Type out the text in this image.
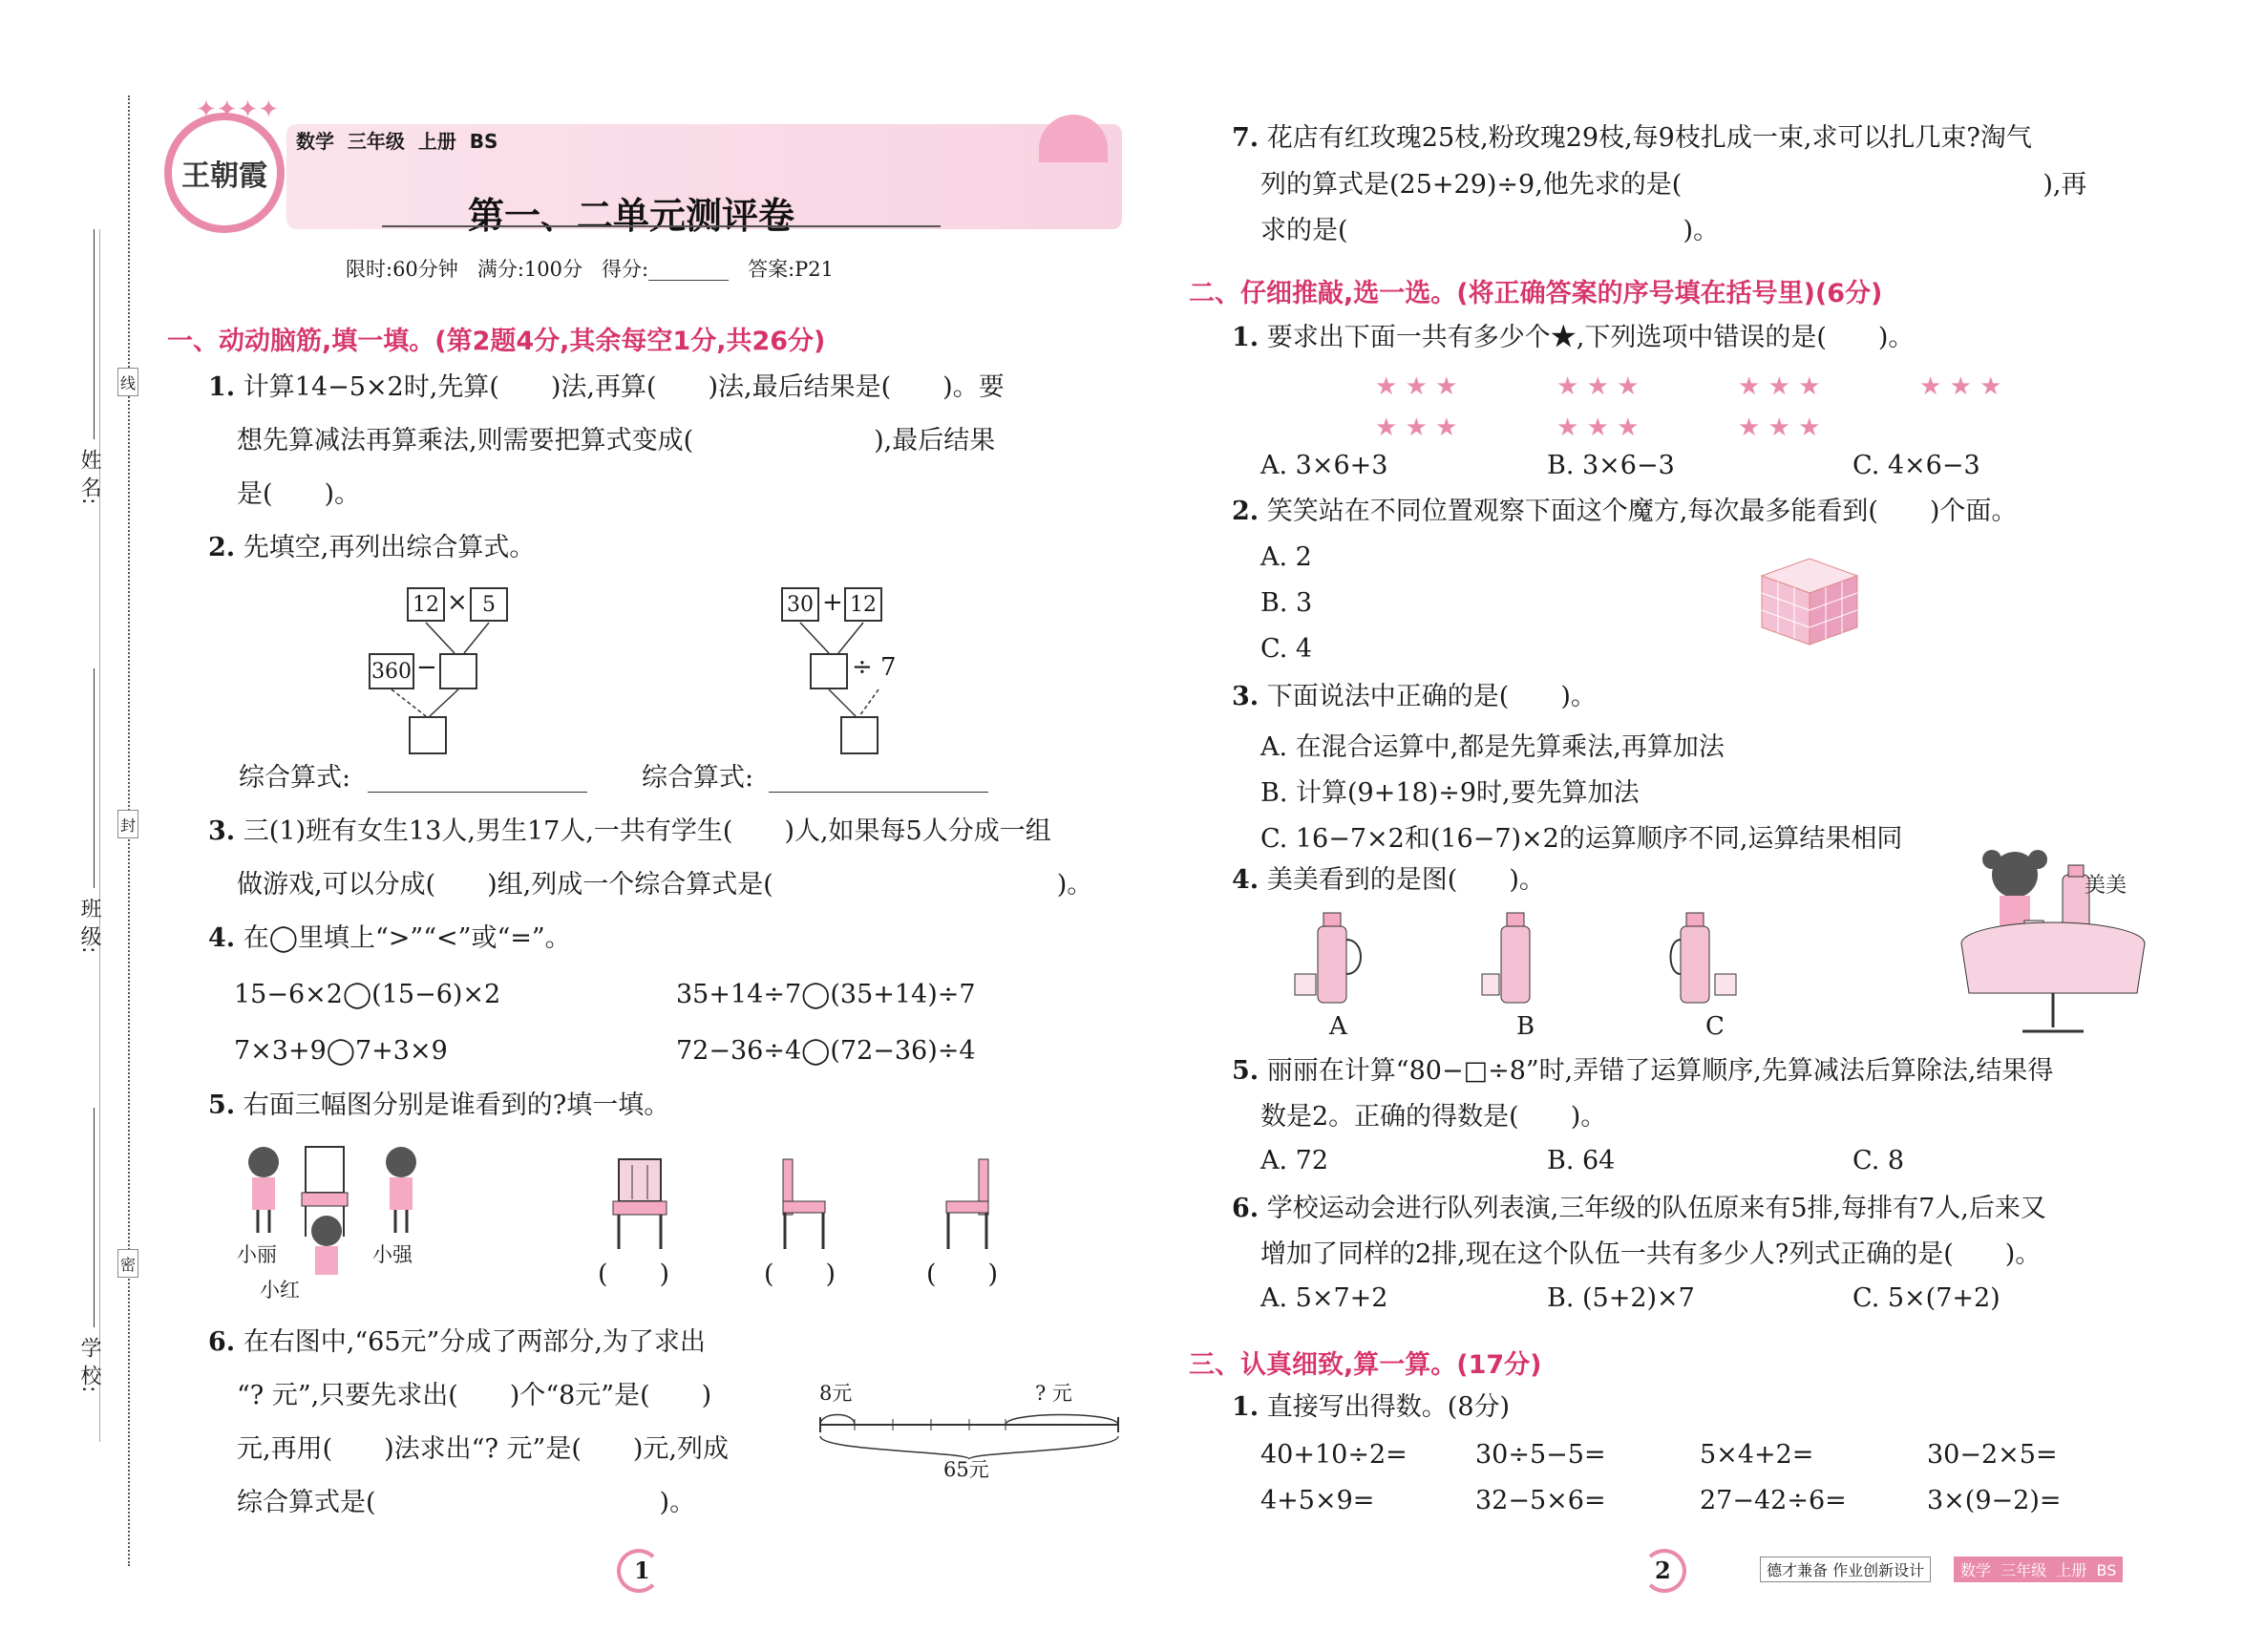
姓 名:
班 级:
学 校:
线
封
密
王朝霞
✦✦✦✦
数学  三年级  上册  BS
第一、二单元测评卷
限时:60分钟   满分:100分   得分:________   答案:P21
一、动动脑筋,填一填。(第2题4分,其余每空1分,共26分)
1. 计算14−5×2时,先算(　　)法,再算(　　)法,最后结果是(　　)。要
想先算减法再算乘法,则需要把算式变成(　　　　　　　),最后结果
是(　　)。
2. 先填空,再列出综合算式。
12 × 5
360 −
30 + 12
÷ 7
综合算式:	综合算式:
3. 三(1)班有女生13人,男生17人,一共有学生(　　)人,如果每5人分成一组
做游戏,可以分成(　　)组,列成一个综合算式是(　　　　　　　　　　　)。
4. 在◯里填上“>”“<”或“=”。
15−6×2◯(15−6)×2	35+14÷7◯(35+14)÷7
7×3+9◯7+3×9	72−36÷4◯(72−36)÷4
5. 右面三幅图分别是谁看到的?填一填。
小丽	小强
小红
(　　)	(　　)	(　　)
6. 在右图中,“65元”分成了两部分,为了求出
“? 元”,只要先求出(　　)个“8元”是(　　)
元,再用(　　)法求出“? 元”是(　　)元,列成
综合算式是(　　　　　　　　　　　)。
8元	? 元
65元
7. 花店有红玫瑰25枝,粉玫瑰29枝,每9枝扎成一束,求可以扎几束?淘气
列的算式是(25+29)÷9,他先求的是(　　　　　　　　　　　　　　),再
求的是(　　　　　　　　　　　　　)。
二、仔细推敲,选一选。(将正确答案的序号填在括号里)(6分)
1. 要求出下面一共有多少个★,下列选项中错误的是(　　)。
★ ★ ★
★ ★ ★
★ ★ ★
★ ★ ★
★ ★ ★
★ ★ ★
★ ★ ★
A. 3×6+3	B. 3×6−3	C. 4×6−3
2. 笑笑站在不同位置观察下面这个魔方,每次最多能看到(　　)个面。
A. 2
B. 3
C. 4
3. 下面说法中正确的是(　　)。
A. 在混合运算中,都是先算乘法,再算加法
B. 计算(9+18)÷9时,要先算加法
C. 16−7×2和(16−7)×2的运算顺序不同,运算结果相同
4. 美美看到的是图(　　)。
A	B	C
美美
5. 丽丽在计算“80−□÷8”时,弄错了运算顺序,先算减法后算除法,结果得
数是2。正确的得数是(　　)。
A. 72	B. 64	C. 8
6. 学校运动会进行队列表演,三年级的队伍原来有5排,每排有7人,后来又
增加了同样的2排,现在这个队伍一共有多少人?列式正确的是(　　)。
A. 5×7+2	B. (5+2)×7	C. 5×(7+2)
三、认真细致,算一算。(17分)
1. 直接写出得数。(8分)
40+10÷2=	30÷5−5=	5×4+2=	30−2×5=
4+5×9=	32−5×6=	27−42÷6=	3×(9−2)=
1	2	德才兼备 作业创新设计	数学  三年级  上册  BS
